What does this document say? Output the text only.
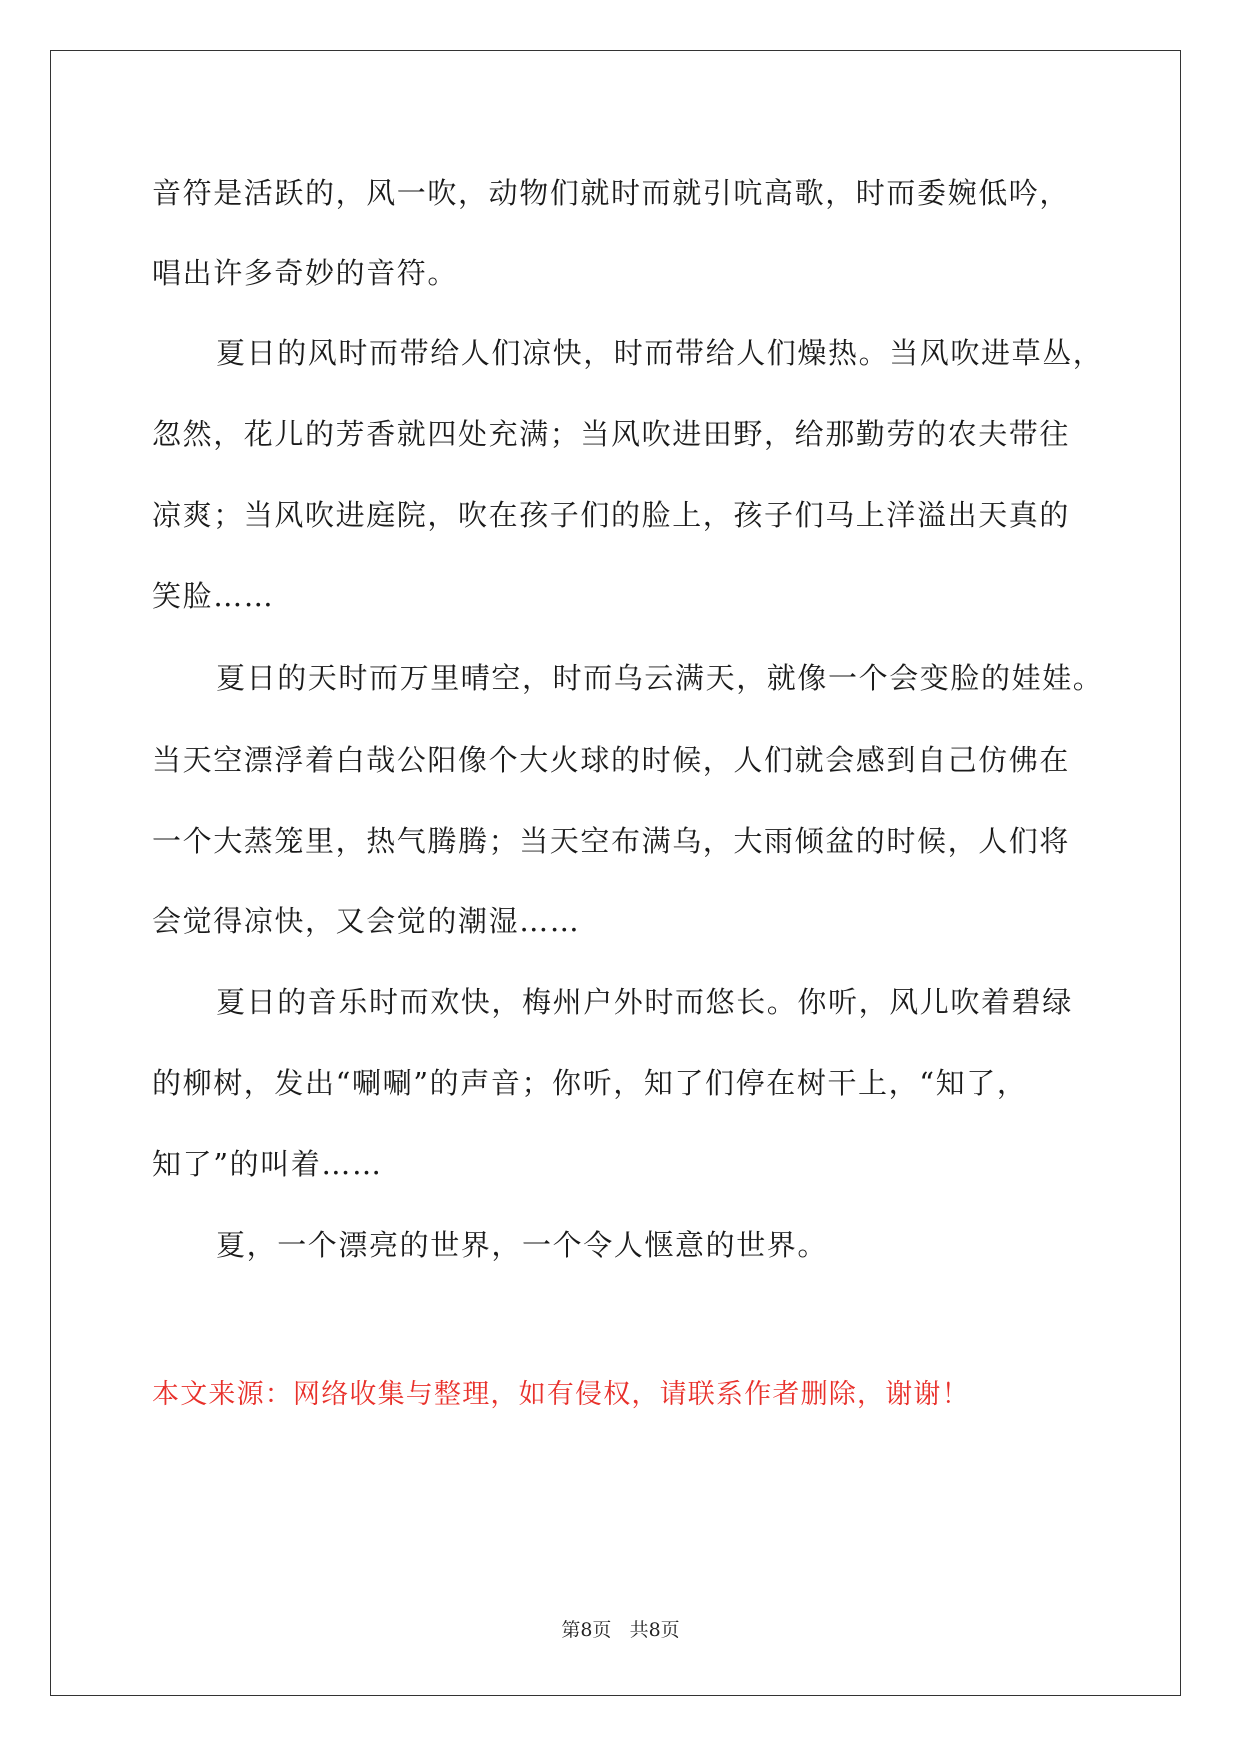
音符是活跃的，风一吹，动物们就时而就引吭高歌，时而委婉低吟，
唱出许多奇妙的音符。
夏日的风时而带给人们凉快，时而带给人们燥热。当风吹进草丛，
忽然，花儿的芳香就四处充满；当风吹进田野，给那勤劳的农夫带往
凉爽；当风吹进庭院，吹在孩子们的脸上，孩子们马上洋溢出天真的
笑脸……
夏日的天时而万里晴空，时而乌云满天，就像一个会变脸的娃娃。
当天空漂浮着白哉公阳像个大火球的时候，人们就会感到自己仿佛在
一个大蒸笼里，热气腾腾；当天空布满乌，大雨倾盆的时候，人们将
会觉得凉快，又会觉的潮湿……
夏日的音乐时而欢快，梅州户外时而悠长。你听，风儿吹着碧绿
的柳树，发出“唰唰”的声音；你听，知了们停在树干上，“知了，
知了”的叫着……
夏，一个漂亮的世界，一个令人惬意的世界。
本文来源：网络收集与整理，如有侵权，请联系作者删除，谢谢！
第8页 共8页
